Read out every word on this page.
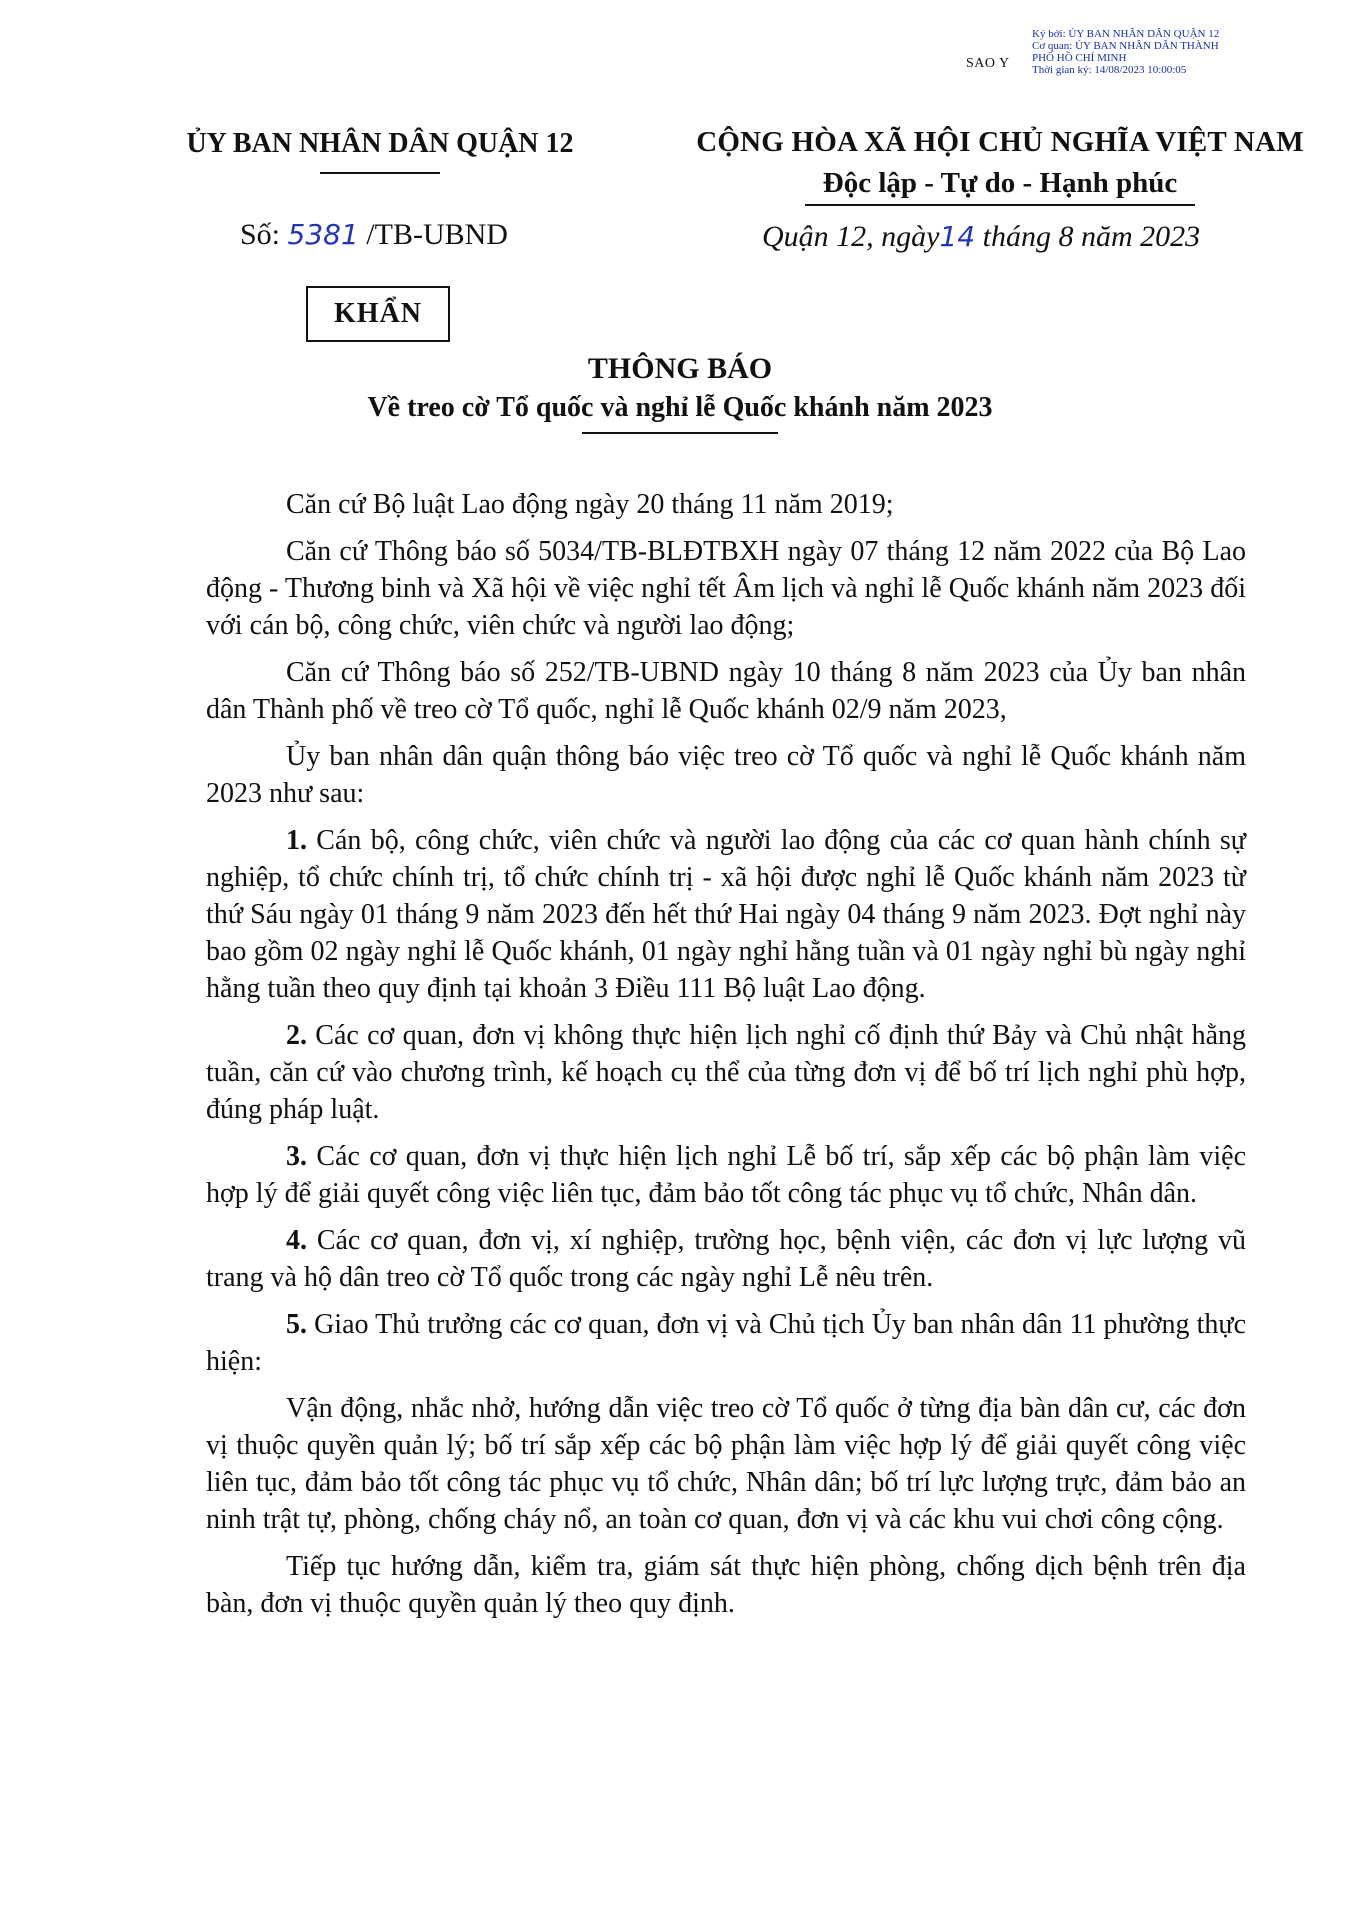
Ký bởi: ỦY BAN NHÂN DÂN QUẬN 12
Cơ quan: ỦY BAN NHÂN DÂN THÀNH
PHỐ HỒ CHÍ MINH
Thời gian ký: 14/08/2023 10:00:05
SAO Y
ỦY BAN NHÂN DÂN QUẬN 12	CỘNG HÒA XÃ HỘI CHỦ NGHĨA VIỆT NAM
Độc lập - Tự do - Hạnh phúc
Số: 5381 /TB-UBND	Quận 12, ngày14 tháng 8 năm 2023
KHẨN
THÔNG BÁO
Về treo cờ Tổ quốc và nghỉ lễ Quốc khánh năm 2023

Căn cứ Bộ luật Lao động ngày 20 tháng 11 năm 2019;

Căn cứ Thông báo số 5034/TB-BLĐTBXH ngày 07 tháng 12 năm 2022 của Bộ Lao động - Thương binh và Xã hội về việc nghỉ tết Âm lịch và nghỉ lễ Quốc khánh năm 2023 đối với cán bộ, công chức, viên chức và người lao động;

Căn cứ Thông báo số 252/TB-UBND ngày 10 tháng 8 năm 2023 của Ủy ban nhân dân Thành phố về treo cờ Tổ quốc, nghỉ lễ Quốc khánh 02/9 năm 2023,

Ủy ban nhân dân quận thông báo việc treo cờ Tổ quốc và nghỉ lễ Quốc khánh năm 2023 như sau:

1. Cán bộ, công chức, viên chức và người lao động của các cơ quan hành chính sự nghiệp, tổ chức chính trị, tổ chức chính trị - xã hội được nghỉ lễ Quốc khánh năm 2023 từ thứ Sáu ngày 01 tháng 9 năm 2023 đến hết thứ Hai ngày 04 tháng 9 năm 2023. Đợt nghỉ này bao gồm 02 ngày nghỉ lễ Quốc khánh, 01 ngày nghỉ hằng tuần và 01 ngày nghỉ bù ngày nghỉ hằng tuần theo quy định tại khoản 3 Điều 111 Bộ luật Lao động.

2. Các cơ quan, đơn vị không thực hiện lịch nghỉ cố định thứ Bảy và Chủ nhật hằng tuần, căn cứ vào chương trình, kế hoạch cụ thể của từng đơn vị để bố trí lịch nghỉ phù hợp, đúng pháp luật.

3. Các cơ quan, đơn vị thực hiện lịch nghỉ Lễ bố trí, sắp xếp các bộ phận làm việc hợp lý để giải quyết công việc liên tục, đảm bảo tốt công tác phục vụ tổ chức, Nhân dân.

4. Các cơ quan, đơn vị, xí nghiệp, trường học, bệnh viện, các đơn vị lực lượng vũ trang và hộ dân treo cờ Tổ quốc trong các ngày nghỉ Lễ nêu trên.

5. Giao Thủ trưởng các cơ quan, đơn vị và Chủ tịch Ủy ban nhân dân 11 phường thực hiện:

Vận động, nhắc nhở, hướng dẫn việc treo cờ Tổ quốc ở từng địa bàn dân cư, các đơn vị thuộc quyền quản lý; bố trí sắp xếp các bộ phận làm việc hợp lý để giải quyết công việc liên tục, đảm bảo tốt công tác phục vụ tổ chức, Nhân dân; bố trí lực lượng trực, đảm bảo an ninh trật tự, phòng, chống cháy nổ, an toàn cơ quan, đơn vị và các khu vui chơi công cộng.

Tiếp tục hướng dẫn, kiểm tra, giám sát thực hiện phòng, chống dịch bệnh trên địa bàn, đơn vị thuộc quyền quản lý theo quy định.
